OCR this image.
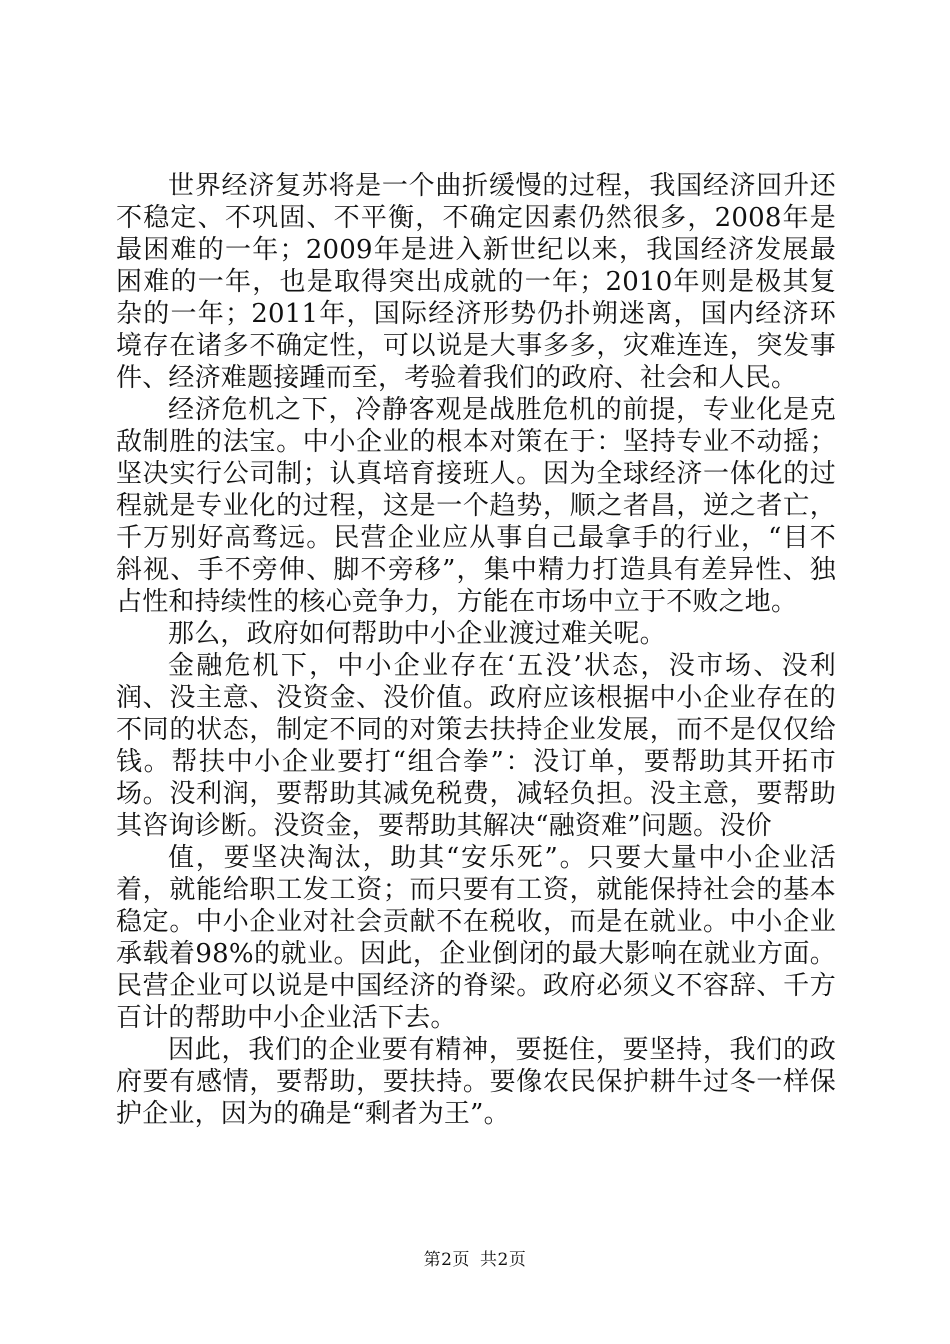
世界经济复苏将是一个曲折缓慢的过程，我国经济回升还不稳定、不巩固、不平衡，不确定因素仍然很多，2008年是最困难的一年；2009年是进入新世纪以来，我国经济发展最困难的一年，也是取得突出成就的一年；2010年则是极其复杂的一年；2011年，国际经济形势仍扑朔迷离，国内经济环境存在诸多不确定性，可以说是大事多多，灾难连连，突发事件、经济难题接踵而至，考验着我们的政府、社会和人民。

经济危机之下，冷静客观是战胜危机的前提，专业化是克敌制胜的法宝。中小企业的根本对策在于：坚持专业不动摇；坚决实行公司制；认真培育接班人。因为全球经济一体化的过程就是专业化的过程，这是一个趋势，顺之者昌，逆之者亡，千万别好高骛远。民营企业应从事自己最拿手的行业，“目不斜视、手不旁伸、脚不旁移”，集中精力打造具有差异性、独占性和持续性的核心竞争力，方能在市场中立于不败之地。

那么，政府如何帮助中小企业渡过难关呢。

金融危机下，中小企业存在‘五没’状态，没市场、没利润、没主意、没资金、没价值。政府应该根据中小企业存在的不同的状态，制定不同的对策去扶持企业发展，而不是仅仅给钱。帮扶中小企业要打“组合拳”：没订单，要帮助其开拓市场。没利润，要帮助其减免税费，减轻负担。没主意，要帮助其咨询诊断。没资金，要帮助其解决“融资难”问题。没价

值，要坚决淘汰，助其“安乐死”。只要大量中小企业活着，就能给职工发工资；而只要有工资，就能保持社会的基本稳定。中小企业对社会贡献不在税收，而是在就业。中小企业承载着98%的就业。因此，企业倒闭的最大影响在就业方面。民营企业可以说是中国经济的脊梁。政府必须义不容辞、千方百计的帮助中小企业活下去。

因此，我们的企业要有精神，要挺住，要坚持，我们的政府要有感情，要帮助，要扶持。要像农民保护耕牛过冬一样保护企业，因为的确是“剩者为王”。

第2页 共2页
